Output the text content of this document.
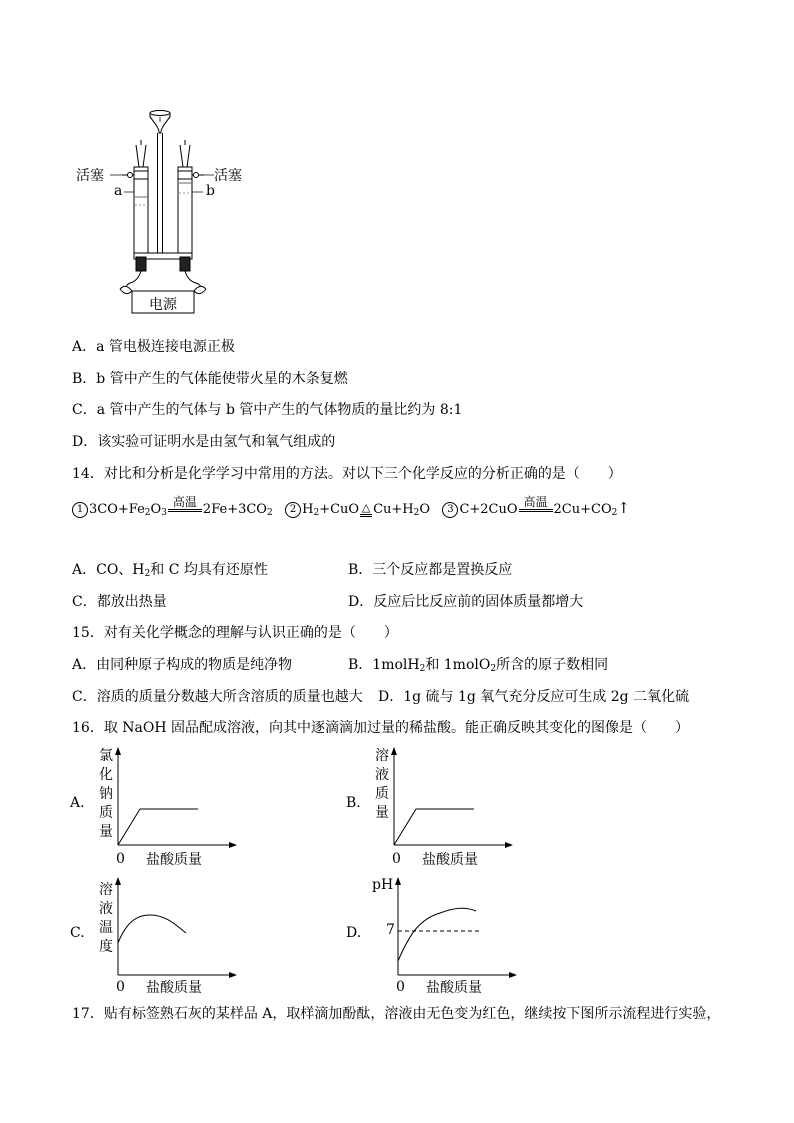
活塞	活塞
a	b
电源
A．a 管电极连接电源正极
B．b 管中产生的气体能使带火星的木条复燃
C．a 管中产生的气体与 b 管中产生的气体物质的量比约为 8:1
D．该实验可证明水是由氢气和氧气组成的
14．对比和分析是化学学习中常用的方法。对以下三个化学反应的分析正确的是（　　）
1 $3CO+Fe_2O_3$
高温 $2Fe+3CO_2$ 2 $H_2+CuO$ △ $Cu+H_2O$ 3 C+2CuO 高温 $2Cu+CO_2↑$
A．CO、$H_2$和 C 均具有还原性	B．三个反应都是置换反应
C．都放出热量	D．反应后比反应前的固体质量都增大
15．对有关化学概念的理解与认识正确的是（　　）
A．由同种原子构成的物质是纯净物	B．1molH$_2$和 1molO$_2$所含的原子数相同
C．溶质的质量分数越大所含溶质的质量也越大 D．1g 硫与 1g 氧气充分反应可生成 2g 二氧化硫
16．取 NaOH 固品配成溶液，向其中逐滴滴加过量的稀盐酸。能正确反映其变化的图像是（　　）
A.
氯
化
钠
质
量
0 盐酸质量
B.
溶
液
质
量
0 盐酸质量
C.
溶
液
温
度
0 盐酸质量
D.
pH
7
0 盐酸质量
17．贴有标签熟石灰的某样品 A，取样滴加酚酞，溶液由无色变为红色，继续按下图所示流程进行实验，
